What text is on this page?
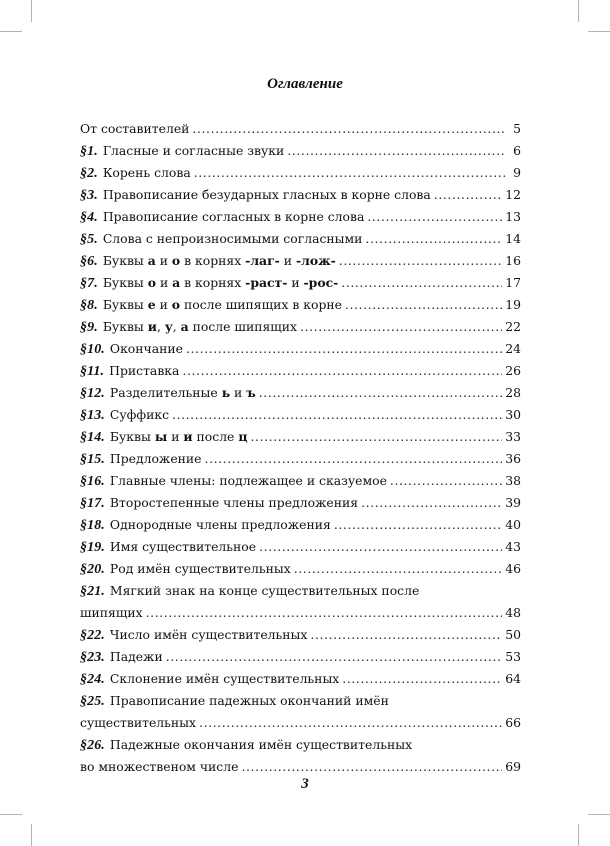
Оглавление
От составителей .....	5
§1. Гласные и согласные звуки .....	6
§2. Корень слова .....	9
§3. Правописание безударных гласных в корне слова .....	12
§4. Правописание согласных в корне слова .....	13
§5. Слова с непроизносимыми согласными .....	14
§6. Буквы а и о в корнях -лаг- и -лож- .....	16
§7. Буквы о и а в корнях -раст- и -рос- .....	17
§8. Буквы е и о после шипящих в корне .....	19
§9. Буквы и, у, а после шипящих .....	22
§10. Окончание .....	24
§11. Приставка .....	26
§12. Разделительные ь и ъ .....	28
§13. Суффикс .....	30
§14. Буквы ы и и после ц .....	33
§15. Предложение .....	36
§16. Главные члены: подлежащее и сказуемое .....	38
§17. Второстепенные члены предложения .....	39
§18. Однородные члены предложения .....	40
§19. Имя существительное .....	43
§20. Род имён существительных .....	46
§21. Мягкий знак на конце существительных после
шипящих .....	48
§22. Число имён существительных .....	50
§23. Падежи .....	53
§24. Склонение имён существительных .....	64
§25. Правописание падежных окончаний имён
существительных .....	66
§26. Падежные окончания имён существительных
во множественом числе .....	69
3
